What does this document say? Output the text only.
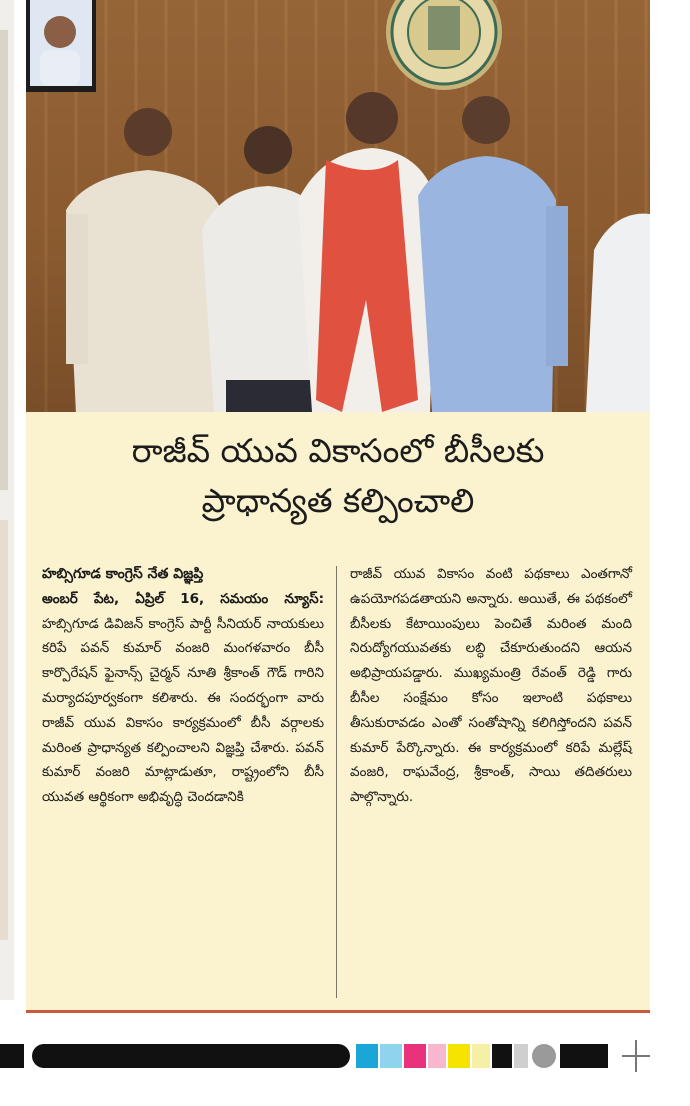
రాజీవ్ యువ వికాసంలో బీసీలకు
ప్రాధాన్యత కల్పించాలి

హబ్సిగూడ కాంగ్రెస్ నేత విజ్ఞప్తి

అంబర్ పేట, ఏప్రిల్ 16, సమయం న్యూస్: హబ్సిగూడ డివిజన్ కాంగ్రెస్ పార్టీ సీనియర్ నాయకులు కరిపే పవన్ కుమార్ వంజరి మంగళవారం బీసీ కార్పొరేషన్ ఫైనాన్స్ చైర్మన్ నూతి శ్రీకాంత్ గౌడ్ గారిని మర్యాదపూర్వకంగా కలిశారు. ఈ సందర్భంగా వారు రాజీవ్ యువ వికాసం కార్యక్రమంలో బీసీ వర్గాలకు మరింత ప్రాధాన్యత కల్పించాలని విజ్ఞప్తి చేశారు. పవన్ కుమార్ వంజరి మాట్లాడుతూ, రాష్ట్రంలోని బీసీ యువత ఆర్థికంగా అభివృద్ధి చెందడానికి

రాజీవ్ యువ వికాసం వంటి పథకాలు ఎంతగానో ఉపయోగపడతాయని అన్నారు. అయితే, ఈ పథకంలో బీసీలకు కేటాయింపులు పెంచితే మరింత మంది నిరుద్యోగయువతకు లబ్ధి చేకూరుతుందని ఆయన అభిప్రాయపడ్డారు. ముఖ్యమంత్రి రేవంత్ రెడ్డి గారు బీసీల సంక్షేమం కోసం ఇలాంటి పథకాలు తీసుకురావడం ఎంతో సంతోషాన్ని కలిగిస్తోందని పవన్ కుమార్ పేర్కొన్నారు. ఈ కార్యక్రమంలో కరిపే మల్లేష్ వంజరి, రాఘవేంద్ర, శ్రీకాంత్, సాయి తదితరులు పాల్గొన్నారు.
